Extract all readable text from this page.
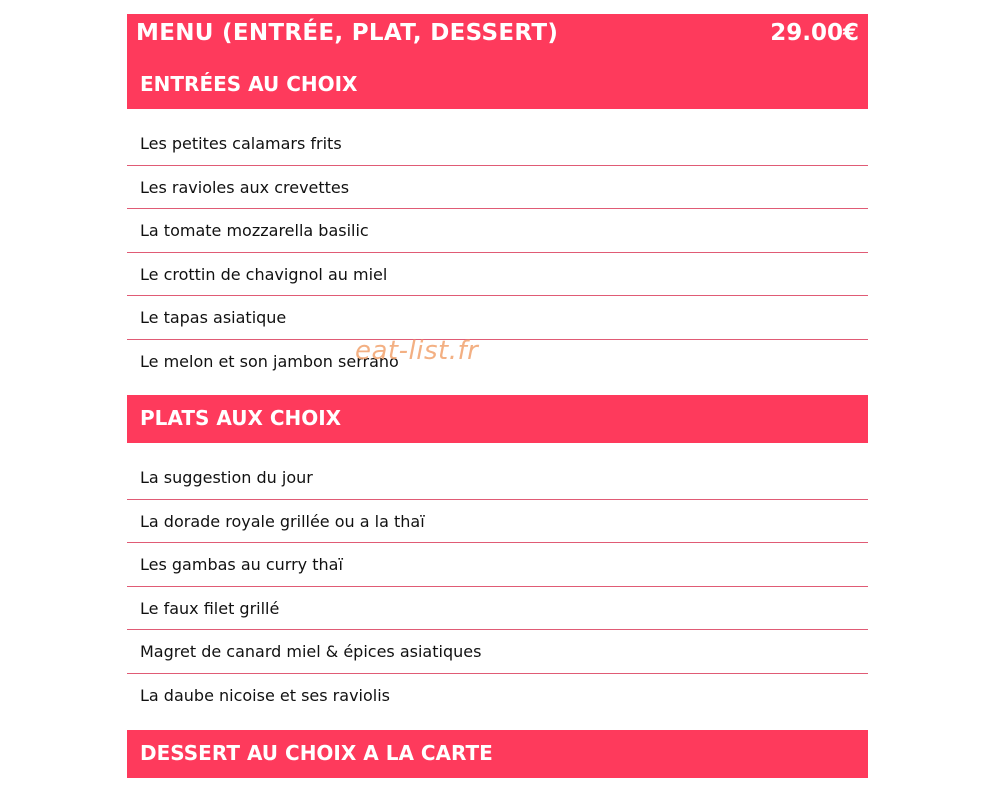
MENU (ENTRÉE, PLAT, DESSERT)	29.00€
ENTRÉES AU CHOIX
Les petites calamars frits
Les ravioles aux crevettes
La tomate mozzarella basilic
Le crottin de chavignol au miel
Le tapas asiatique
Le melon et son jambon serrano
PLATS AUX CHOIX
La suggestion du jour
La dorade royale grillée ou a la thaï
Les gambas au curry thaï
Le faux filet grillé
Magret de canard miel & épices asiatiques
La daube nicoise et ses raviolis
DESSERT AU CHOIX A LA CARTE
eat-list.fr
